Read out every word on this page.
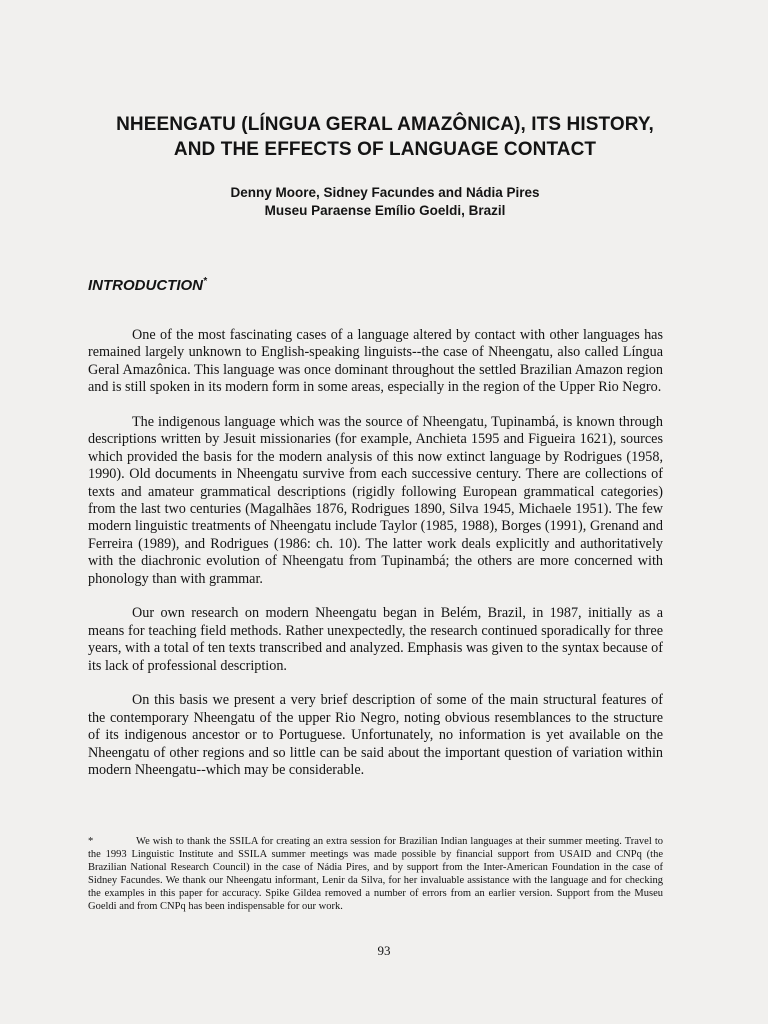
NHEENGATU (LÍNGUA GERAL AMAZÔNICA), ITS HISTORY,
AND THE EFFECTS OF LANGUAGE CONTACT
Denny Moore, Sidney Facundes and Nádia Pires
Museu Paraense Emílio Goeldi, Brazil
INTRODUCTION*

One of the most fascinating cases of a language altered by contact with other languages has remained largely unknown to English-speaking linguists--the case of Nheengatu, also called Língua Geral Amazônica. This language was once dominant throughout the settled Brazilian Amazon region and is still spoken in its modern form in some areas, especially in the region of the Upper Rio Negro.

The indigenous language which was the source of Nheengatu, Tupinambá, is known through descriptions written by Jesuit missionaries (for example, Anchieta 1595 and Figueira 1621), sources which provided the basis for the modern analysis of this now extinct language by Rodrigues (1958, 1990). Old documents in Nheengatu survive from each successive century. There are collections of texts and amateur grammatical descriptions (rigidly following European grammatical categories) from the last two centuries (Magalhães 1876, Rodrigues 1890, Silva 1945, Michaele 1951). The few modern linguistic treatments of Nheengatu include Taylor (1985, 1988), Borges (1991), Grenand and Ferreira (1989), and Rodrigues (1986: ch. 10). The latter work deals explicitly and authoritatively with the diachronic evolution of Nheengatu from Tupinambá; the others are more concerned with phonology than with grammar.

Our own research on modern Nheengatu began in Belém, Brazil, in 1987, initially as a means for teaching field methods. Rather unexpectedly, the research continued sporadically for three years, with a total of ten texts transcribed and analyzed. Emphasis was given to the syntax because of its lack of professional description.

On this basis we present a very brief description of some of the main structural features of the contemporary Nheengatu of the upper Rio Negro, noting obvious resemblances to the structure of its indigenous ancestor or to Portuguese. Unfortunately, no information is yet available on the Nheengatu of other regions and so little can be said about the important question of variation within modern Nheengatu--which may be considerable.

*	We wish to thank the SSILA for creating an extra session for Brazilian Indian languages at their summer meeting. Travel to the 1993 Linguistic Institute and SSILA summer meetings was made possible by financial support from USAID and CNPq (the Brazilian National Research Council) in the case of Nádia Pires, and by support from the Inter-American Foundation in the case of Sidney Facundes. We thank our Nheengatu informant, Lenir da Silva, for her invaluable assistance with the language and for checking the examples in this paper for accuracy. Spike Gildea removed a number of errors from an earlier version. Support from the Museu Goeldi and from CNPq has been indispensable for our work.
93
